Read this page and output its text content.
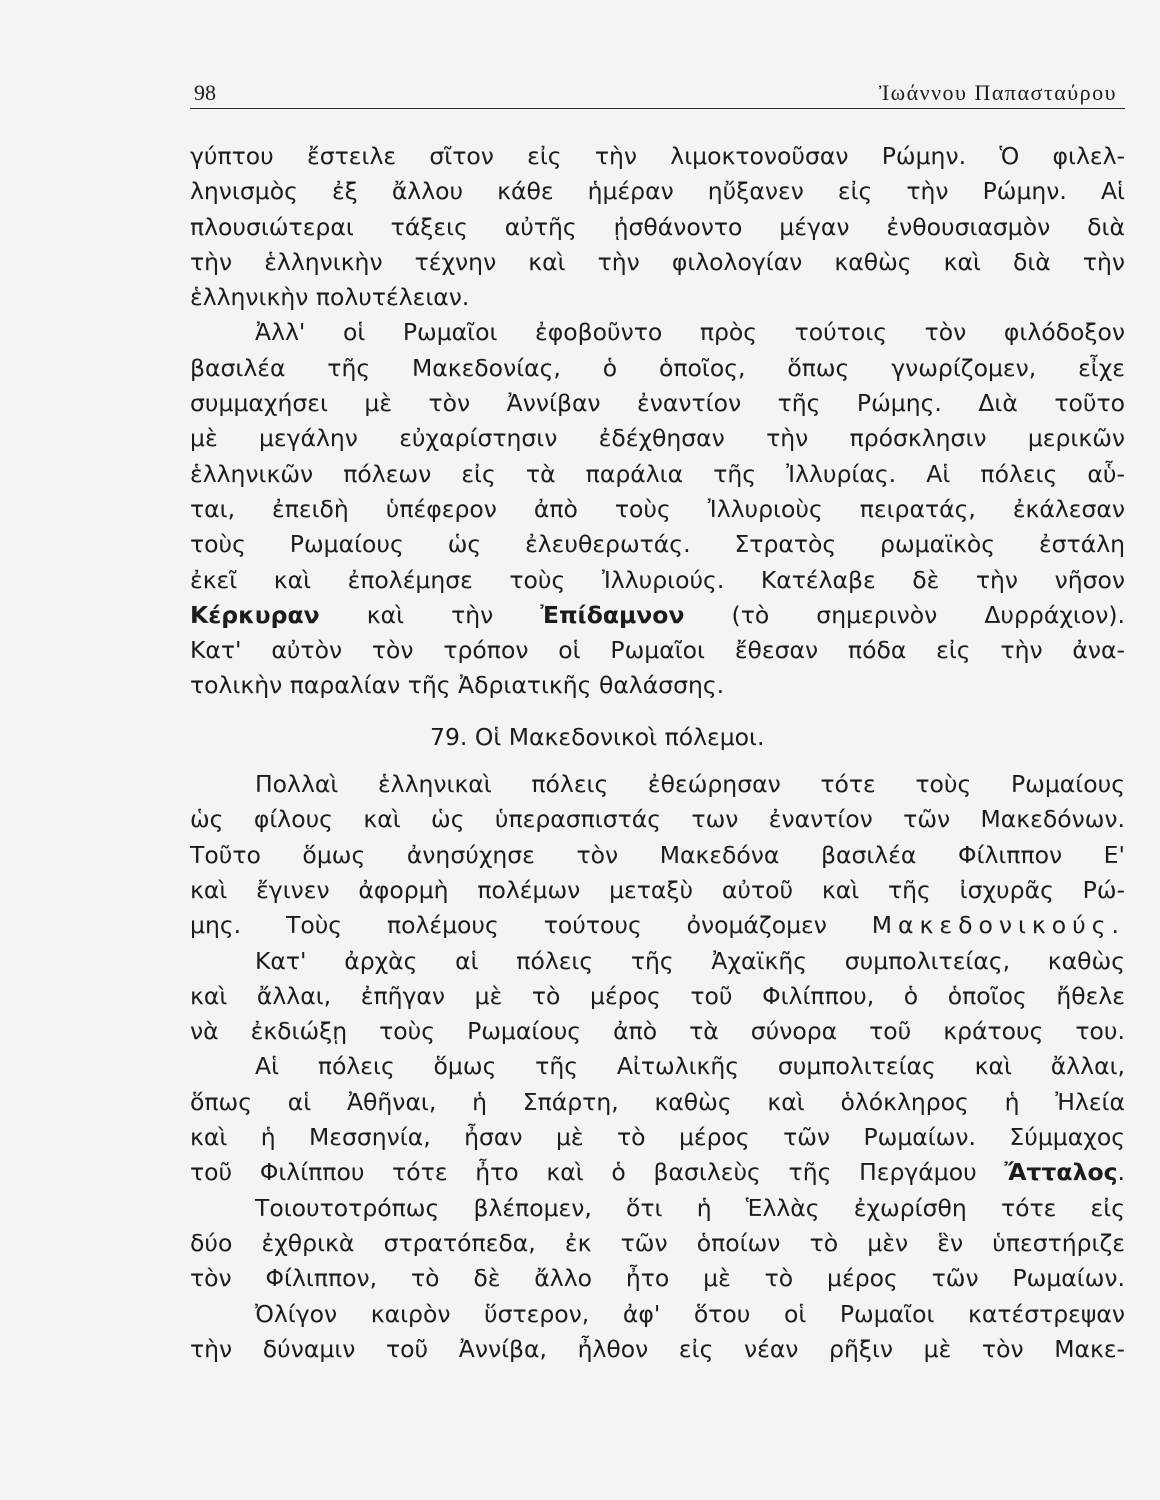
98	Ἰωάννου Παπασταύρου
γύπτου ἔστειλε σῖτον εἰς τὴν λιμοκτονοῦσαν Ρώμην. Ὁ φιλελ-
ληνισμὸς ἐξ ἄλλου κάθε ἡμέραν ηὔξανεν εἰς τὴν Ρώμην. Αἱ
πλουσιώτεραι τάξεις αὐτῆς ᾐσθάνοντο μέγαν ἐνθουσιασμὸν διὰ
τὴν ἑλληνικὴν τέχνην καὶ τὴν φιλολογίαν καθὼς καὶ διὰ τὴν
ἑλληνικὴν πολυτέλειαν.
Ἀλλ' οἱ Ρωμαῖοι ἐφοβοῦντο πρὸς τούτοις τὸν φιλόδοξον
βασιλέα τῆς Μακεδονίας, ὁ ὁποῖος, ὅπως γνωρίζομεν, εἶχε
συμμαχήσει μὲ τὸν Ἀννίβαν ἐναντίον τῆς Ρώμης. Διὰ τοῦτο
μὲ μεγάλην εὐχαρίστησιν ἐδέχθησαν τὴν πρόσκλησιν μερικῶν
ἑλληνικῶν πόλεων εἰς τὰ παράλια τῆς Ἰλλυρίας. Αἱ πόλεις αὗ-
ται, ἐπειδὴ ὑπέφερον ἀπὸ τοὺς Ἰλλυριοὺς πειρατάς, ἐκάλεσαν
τοὺς Ρωμαίους ὡς ἐλευθερωτάς. Στρατὸς ρωμαϊκὸς ἐστάλη
ἐκεῖ καὶ ἐπολέμησε τοὺς Ἰλλυριούς. Κατέλαβε δὲ τὴν νῆσον
Κέρκυραν καὶ τὴν Ἐπίδαμνον (τὸ σημερινὸν Δυρράχιον).
Κατ' αὐτὸν τὸν τρόπον οἱ Ρωμαῖοι ἔθεσαν πόδα εἰς τὴν ἀνα-
τολικὴν παραλίαν τῆς Ἀδριατικῆς θαλάσσης.
79. Οἱ Μακεδονικοὶ πόλεμοι.
Πολλαὶ ἑλληνικαὶ πόλεις ἐθεώρησαν τότε τοὺς Ρωμαίους
ὡς φίλους καὶ ὡς ὑπερασπιστάς των ἐναντίον τῶν Μακεδόνων.
Τοῦτο ὅμως ἀνησύχησε τὸν Μακεδόνα βασιλέα Φίλιππον Ε'
καὶ ἔγινεν ἀφορμὴ πολέμων μεταξὺ αὐτοῦ καὶ τῆς ἰσχυρᾶς Ρώ-
μης. Τοὺς πολέμους τούτους ὀνομάζομεν Μακεδονικούς.
Κατ' ἀρχὰς αἱ πόλεις τῆς Ἀχαϊκῆς συμπολιτείας, καθὼς
καὶ ἄλλαι, ἐπῆγαν μὲ τὸ μέρος τοῦ Φιλίππου, ὁ ὁποῖος ἤθελε
νὰ ἐκδιώξῃ τοὺς Ρωμαίους ἀπὸ τὰ σύνορα τοῦ κράτους του.
Αἱ πόλεις ὅμως τῆς Αἰτωλικῆς συμπολιτείας καὶ ἄλλαι,
ὅπως αἱ Ἀθῆναι, ἡ Σπάρτη, καθὼς καὶ ὁλόκληρος ἡ Ἠλεία
καὶ ἡ Μεσσηνία, ἦσαν μὲ τὸ μέρος τῶν Ρωμαίων. Σύμμαχος
τοῦ Φιλίππου τότε ἦτο καὶ ὁ βασιλεὺς τῆς Περγάμου Ἄτταλος.
Τοιουτοτρόπως βλέπομεν, ὅτι ἡ Ἑλλὰς ἐχωρίσθη τότε εἰς
δύο ἐχθρικὰ στρατόπεδα, ἐκ τῶν ὁποίων τὸ μὲν ἓν ὑπεστήριζε
τὸν Φίλιππον, τὸ δὲ ἄλλο ἦτο μὲ τὸ μέρος τῶν Ρωμαίων.
Ὀλίγον καιρὸν ὕστερον, ἀφ' ὅτου οἱ Ρωμαῖοι κατέστρεψαν
τὴν δύναμιν τοῦ Ἀννίβα, ἦλθον εἰς νέαν ρῆξιν μὲ τὸν Μακε-
